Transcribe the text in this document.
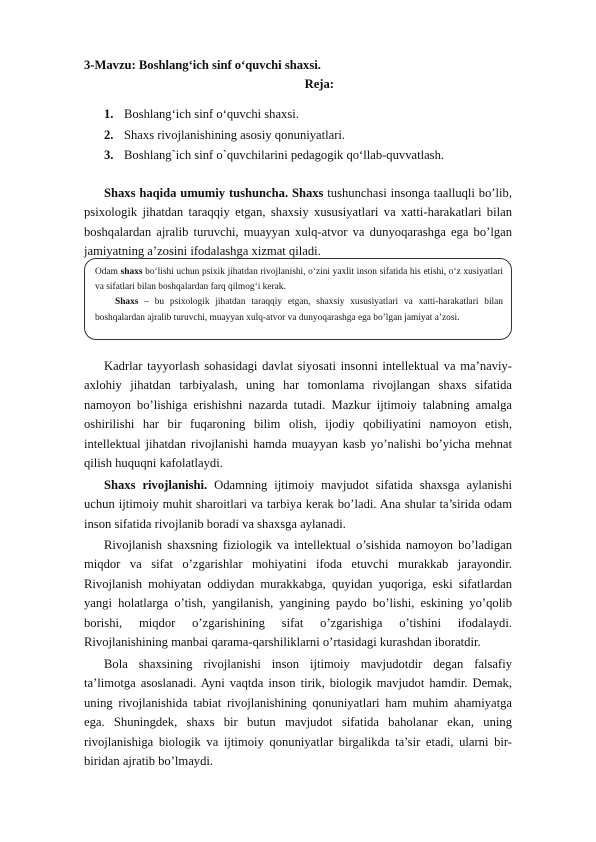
3-Mavzu: Boshlang‘ich sinf o‘quvchi shaxsi.
Reja:
1. Boshlang‘ich sinf o‘quvchi shaxsi.
2. Shaxs rivojlanishining asosiy qonuniyatlari.
3. Boshlang`ich sinf o`quvchilarini pedagogik qo‘llab-quvvatlash.

Shaxs haqida umumiy tushuncha. Shaxs tushunchasi insonga taalluqli bo’lib, psixologik jihatdan taraqqiy etgan, shaxsiy xususiyatlari va xatti-harakatlari bilan boshqalardan ajralib turuvchi, muayyan xulq-atvor va dunyoqarashga ega bo’lgan jamiyatning a’zosini ifodalashga xizmat qiladi.

Odam shaxs bo‘lishi uchun psixik jihatdan rivojlanishi, o‘zini yaxlit inson sifatida his etishi, o‘z xusiyatlari va sifatlari bilan boshqalardan farq qilmog‘i kerak.

Shaxs – bu psixologik jihatdan taraqqiy etgan, shaxsiy xususiyatlari va xatti-harakatlari bilan boshqalardan ajralib turuvchi, muayyan xulq-atvor va dunyoqarashga ega bo’lgan jamiyat a’zosi.

Kadrlar tayyorlash sohasidagi davlat siyosati insonni intellektual va ma’naviy-axlohiy jihatdan tarbiyalash, uning har tomonlama rivojlangan shaxs sifatida namoyon bo’lishiga erishishni nazarda tutadi. Mazkur ijtimoiy talabning amalga oshirilishi har bir fuqaroning bilim olish, ijodiy qobiliyatini namoyon etish, intellektual jihatdan rivojlanishi hamda muayyan kasb yo’nalishi bo’yicha mehnat qilish huquqni kafolatlaydi.

Shaxs rivojlanishi. Odamning ijtimoiy mavjudot sifatida shaxsga aylanishi uchun ijtimoiy muhit sharoitlari va tarbiya kerak bo’ladi. Ana shular ta’sirida odam inson sifatida rivojlanib boradi va shaxsga aylanadi.

Rivojlanish shaxsning fiziologik va intellektual o’sishida namoyon bo’ladigan miqdor va sifat o’zgarishlar mohiyatini ifoda etuvchi murakkab jarayondir. Rivojlanish mohiyatan oddiydan murakkabga, quyidan yuqoriga, eski sifatlardan yangi holatlarga o’tish, yangilanish, yangining paydo bo’lishi, eskining yo’qolib borishi, miqdor o’zgarishining sifat o’zgarishiga o’tishini ifodalaydi. Rivojlanishining manbai qarama-qarshiliklarni o’rtasidagi kurashdan iboratdir.

Bola shaxsining rivojlanishi inson ijtimoiy mavjudotdir degan falsafiy ta’limotga asoslanadi. Ayni vaqtda inson tirik, biologik mavjudot hamdir. Demak, uning rivojlanishida tabiat rivojlanishining qonuniyatlari ham muhim ahamiyatga ega. Shuningdek, shaxs bir butun mavjudot sifatida baholanar ekan, uning rivojlanishiga biologik va ijtimoiy qonuniyatlar birgalikda ta’sir etadi, ularni bir-biridan ajratib bo’lmaydi.
